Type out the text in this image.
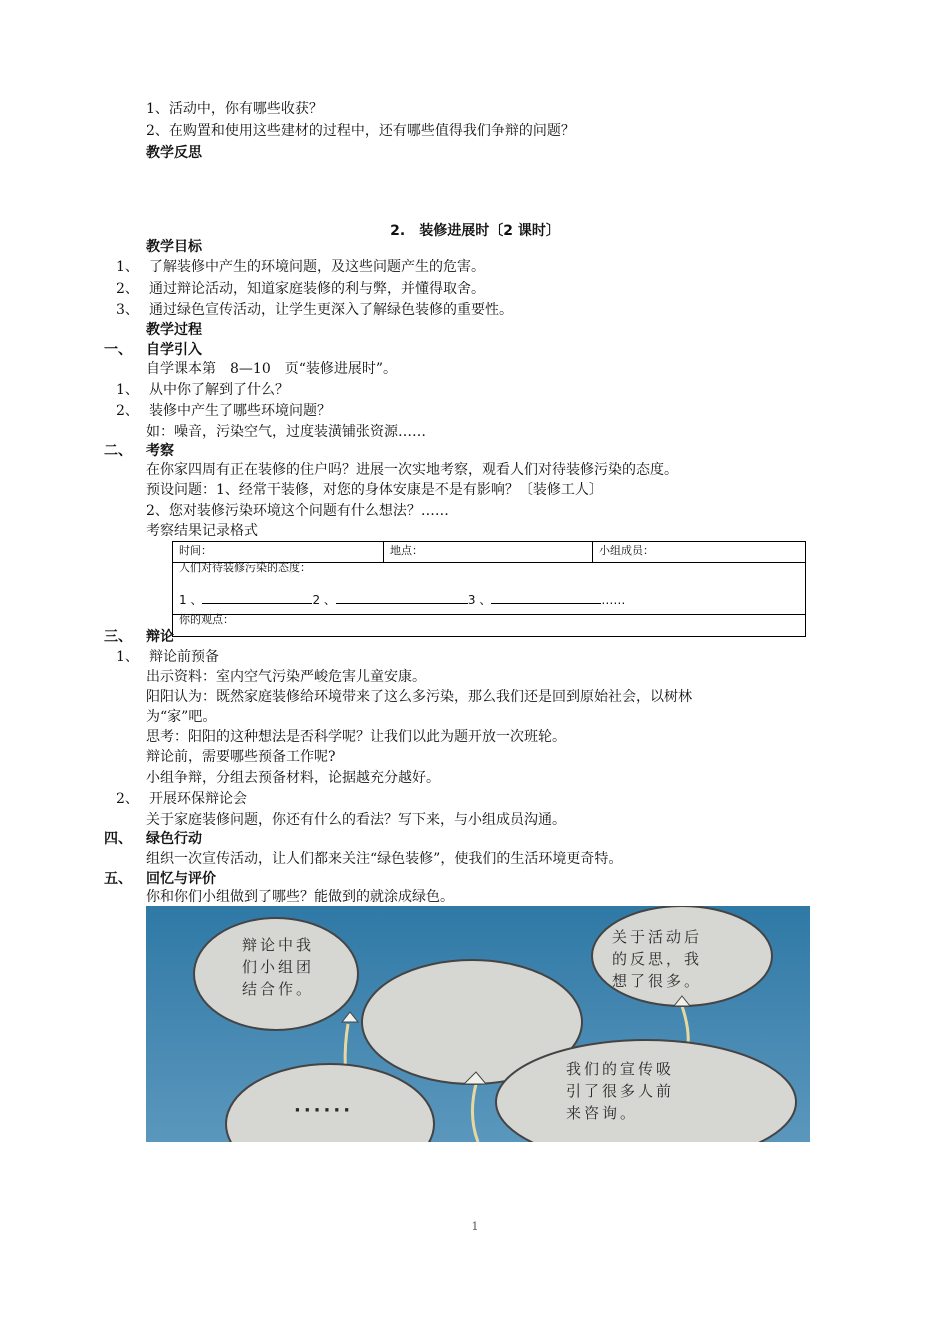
1、活动中，你有哪些收获？
2、在购置和使用这些建材的过程中，还有哪些值得我们争辩的问题？
教学反思
2.　装修进展时〔2 课时〕
教学目标
1、 了解装修中产生的环境问题，及这些问题产生的危害。
2、 通过辩论活动，知道家庭装修的利与弊，并懂得取舍。
3、 通过绿色宣传活动，让学生更深入了解绿色装修的重要性。
教学过程
一、 自学引入
自学课本第　8—10　页“装修进展时”。
1、 从中你了解到了什么？
2、 装修中产生了哪些环境问题？
如：噪音，污染空气，过度装潢铺张资源……
二、 考察
在你家四周有正在装修的住户吗？进展一次实地考察，观看人们对待装修污染的态度。
预设问题：1、经常干装修，对您的身体安康是不是有影响？〔装修工人〕
2、您对装修污染环境这个问题有什么想法？……
考察结果记录格式
时间：	地点：	小组成员：

人们对待装修污染的态度：
1 、	2 、	3 、	……

你的观点：
三、 辩论
1、 辩论前预备
出示资料：室内空气污染严峻危害儿童安康。
阳阳认为：既然家庭装修给环境带来了这么多污染，那么我们还是回到原始社会，以树林
为“家”吧。
思考：阳阳的这种想法是否科学呢？让我们以此为题开放一次班轮。
辩论前，需要哪些预备工作呢?
小组争辩，分组去预备材料，论据越充分越好。
2、 开展环保辩论会
关于家庭装修问题，你还有什么的看法？写下来，与小组成员沟通。
四、 绿色行动
组织一次宣传活动，让人们都来关注“绿色装修”，使我们的生活环境更奇特。
五、 回忆与评价
你和你们小组做到了哪些？能做到的就涂成绿色。
辩论中我
们小组团
结合作。
关于活动后
的反思，我
想了很多。
我们的宣传吸
引了很多人前
来咨询。
······
1
